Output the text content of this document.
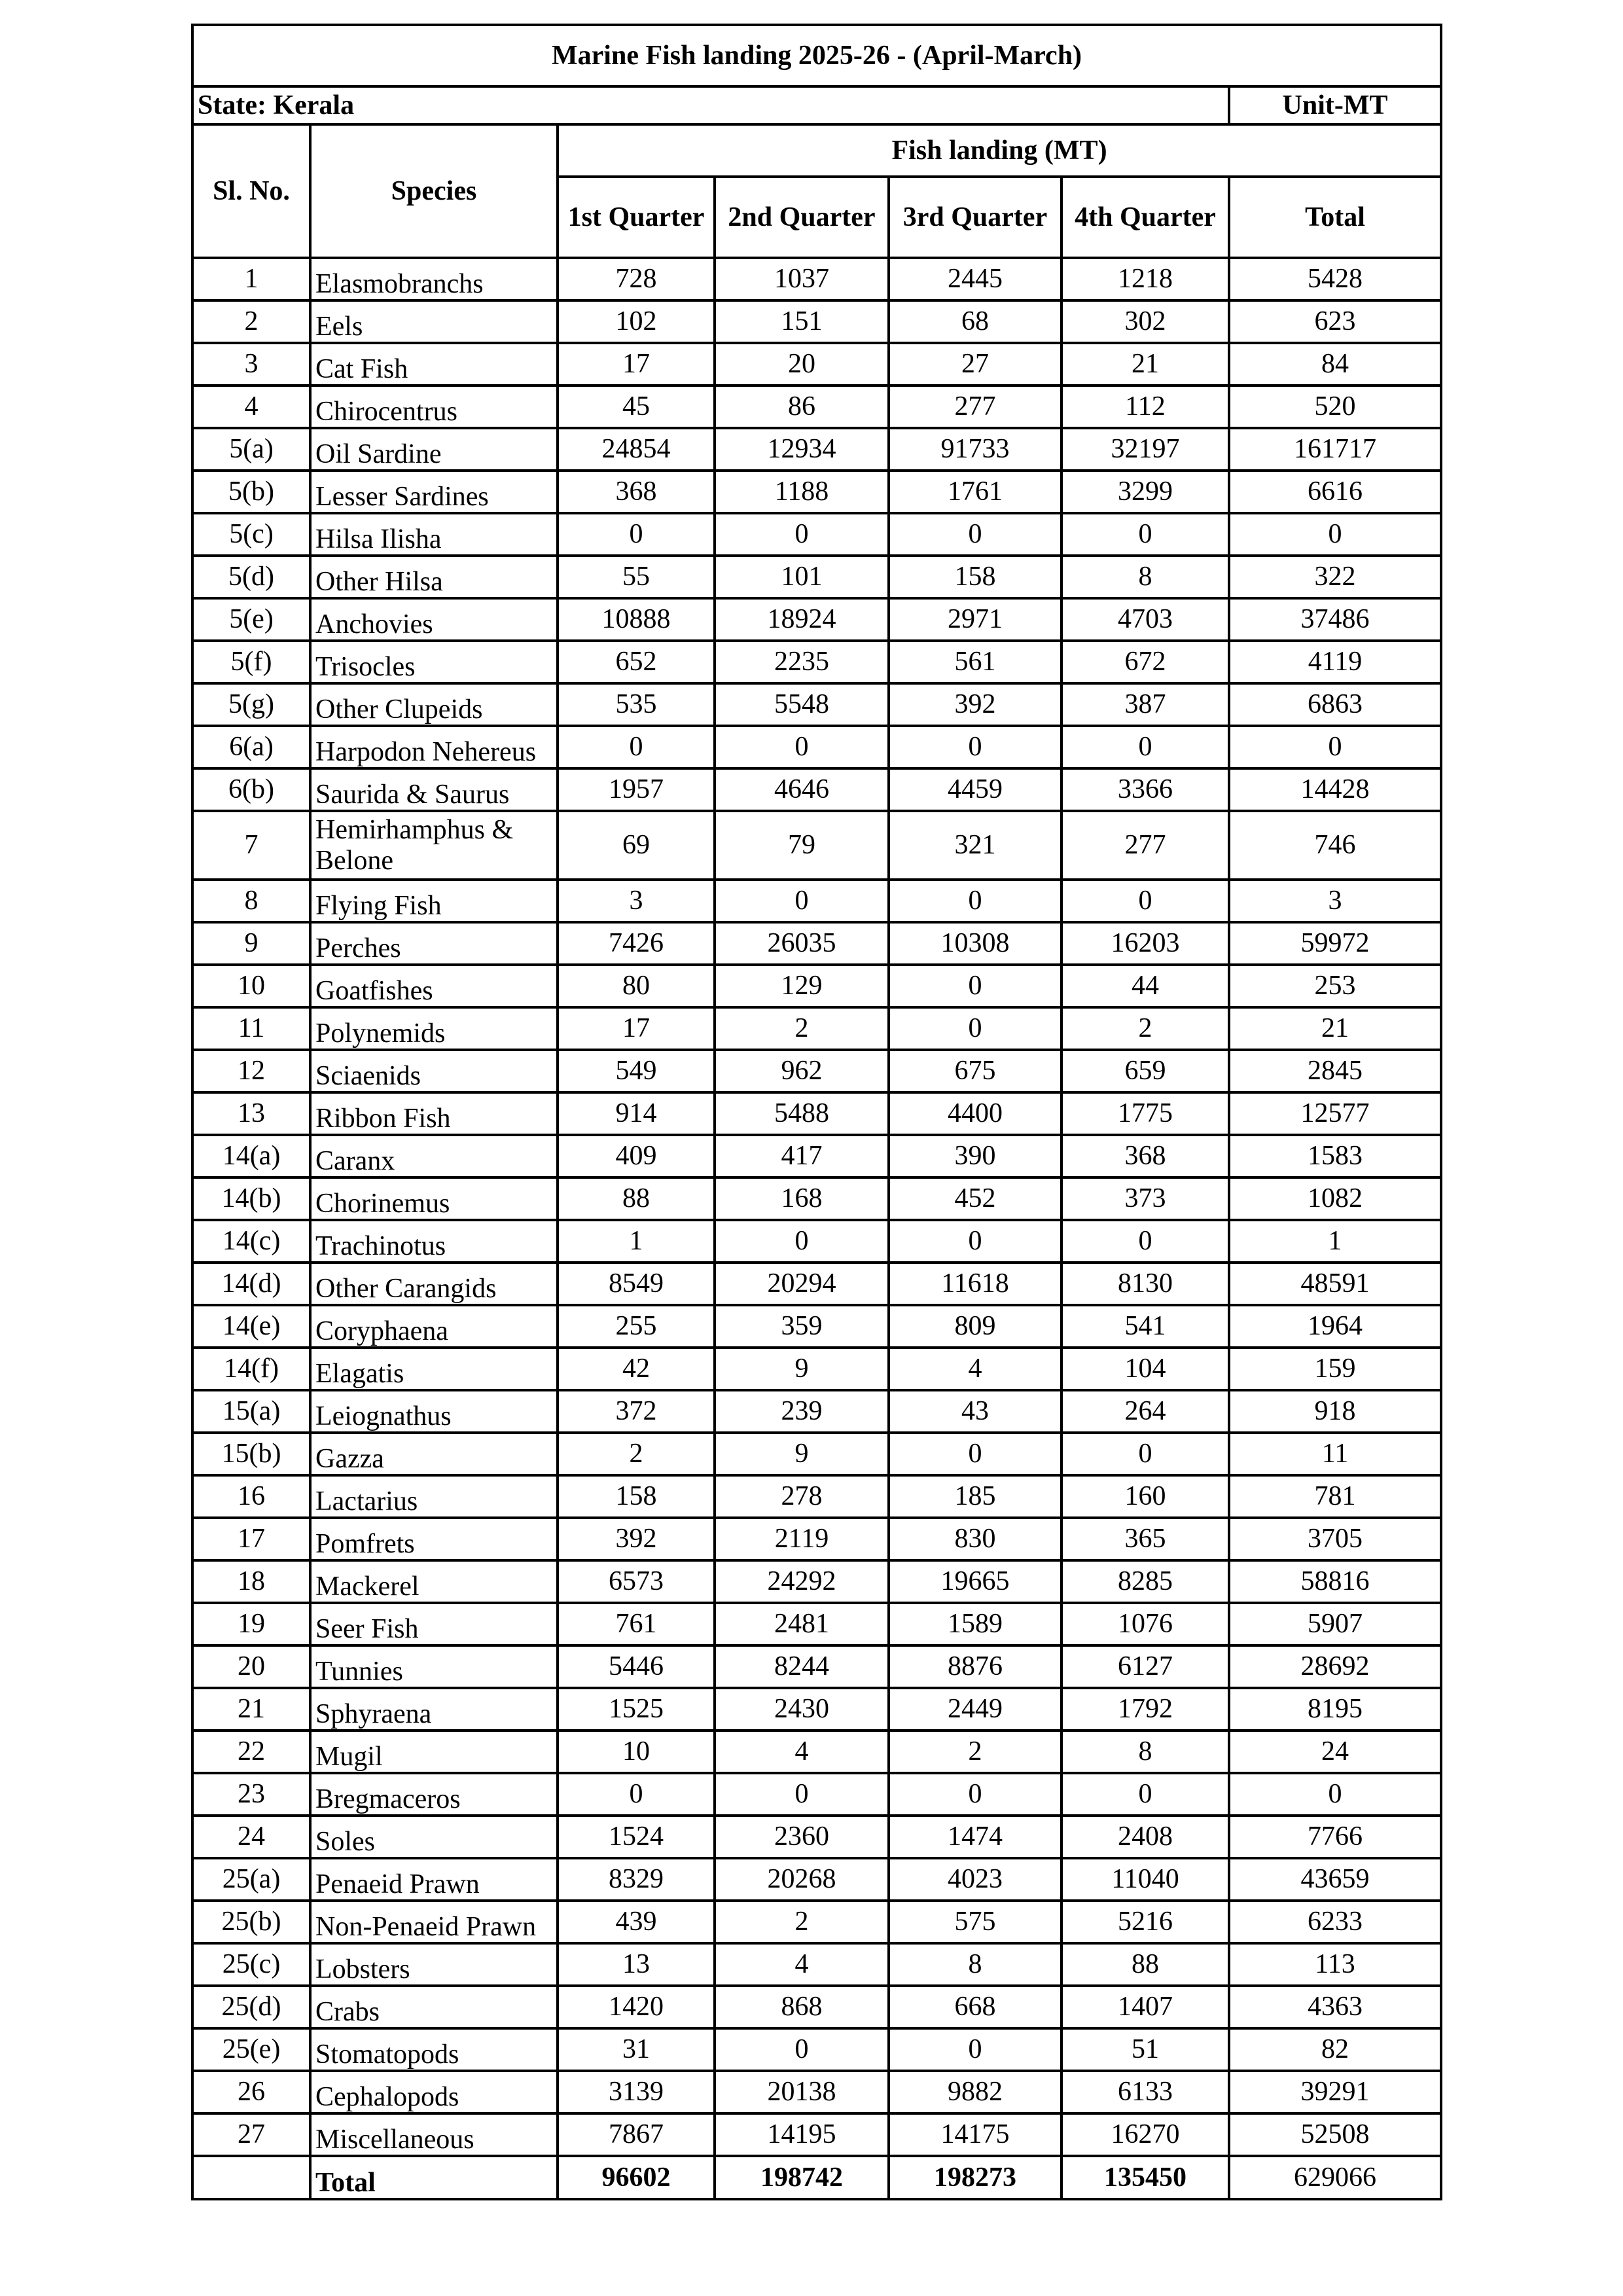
Marine Fish landing 2025-26 - (April-March)						
State: Kerala						Unit-MT
Sl. No.	Species	Fish landing (MT)				
		1st Quarter	2nd Quarter	3rd Quarter	4th Quarter	Total
1	Elasmobranchs	728	1037	2445	1218	5428
2	Eels	102	151	68	302	623
3	Cat Fish	17	20	27	21	84
4	Chirocentrus	45	86	277	112	520
5(a)	Oil Sardine	24854	12934	91733	32197	161717
5(b)	Lesser Sardines	368	1188	1761	3299	6616
5(c)	Hilsa Ilisha	0	0	0	0	0
5(d)	Other Hilsa	55	101	158	8	322
5(e)	Anchovies	10888	18924	2971	4703	37486
5(f)	Trisocles	652	2235	561	672	4119
5(g)	Other Clupeids	535	5548	392	387	6863
6(a)	Harpodon Nehereus	0	0	0	0	0
6(b)	Saurida & Saurus	1957	4646	4459	3366	14428
7	Hemirhamphus & Belone	69	79	321	277	746
8	Flying Fish	3	0	0	0	3
9	Perches	7426	26035	10308	16203	59972
10	Goatfishes	80	129	0	44	253
11	Polynemids	17	2	0	2	21
12	Sciaenids	549	962	675	659	2845
13	Ribbon Fish	914	5488	4400	1775	12577
14(a)	Caranx	409	417	390	368	1583
14(b)	Chorinemus	88	168	452	373	1082
14(c)	Trachinotus	1	0	0	0	1
14(d)	Other Carangids	8549	20294	11618	8130	48591
14(e)	Coryphaena	255	359	809	541	1964
14(f)	Elagatis	42	9	4	104	159
15(a)	Leiognathus	372	239	43	264	918
15(b)	Gazza	2	9	0	0	11
16	Lactarius	158	278	185	160	781
17	Pomfrets	392	2119	830	365	3705
18	Mackerel	6573	24292	19665	8285	58816
19	Seer Fish	761	2481	1589	1076	5907
20	Tunnies	5446	8244	8876	6127	28692
21	Sphyraena	1525	2430	2449	1792	8195
22	Mugil	10	4	2	8	24
23	Bregmaceros	0	0	0	0	0
24	Soles	1524	2360	1474	2408	7766
25(a)	Penaeid Prawn	8329	20268	4023	11040	43659
25(b)	Non-Penaeid Prawn	439	2	575	5216	6233
25(c)	Lobsters	13	4	8	88	113
25(d)	Crabs	1420	868	668	1407	4363
25(e)	Stomatopods	31	0	0	51	82
26	Cephalopods	3139	20138	9882	6133	39291
27	Miscellaneous	7867	14195	14175	16270	52508
	Total	96602	198742	198273	135450	629066
